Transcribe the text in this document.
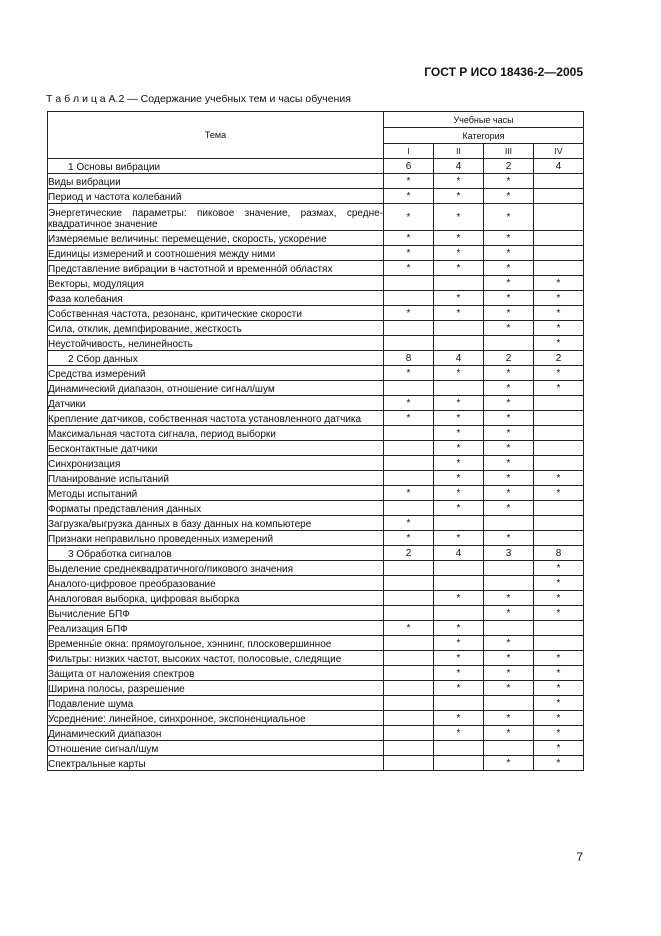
ГОСТ Р ИСО 18436-2—2005
Т а б л и ц а А.2 — Содержание учебных тем и часы обучения
Тема	Учебные часы			
	Категория			
	I	II	III	IV
1 Основы вибрации	6	4	2	4
Виды вибрации	*	*	*	
Период и частота колебаний	*	*	*	
Энергетические параметры: пиковое значение, размах, средне-квадратичное значение	*	*	*	
Измеряемые величины: перемещение, скорость, ускорение	*	*	*	
Единицы измерений и соотношения между ними	*	*	*	
Представление вибрации в частотной и временно́й областях	*	*	*	
Векторы, модуляция			*	*
Фаза колебания		*	*	*
Собственная частота, резонанс, критические скорости	*	*	*	*
Сила, отклик, демпфирование, жесткость			*	*
Неустойчивость, нелинейность				*
2 Сбор данных	8	4	2	2
Средства измерений	*	*	*	*
Динамический диапазон, отношение сигнал/шум			*	*
Датчики	*	*	*	
Крепление датчиков, собственная частота установленного датчика	*	*	*	
Максимальная частота сигнала, период выборки		*	*	
Бесконтактные датчики		*	*	
Синхронизация		*	*	
Планирование испытаний		*	*	*
Методы испытаний	*	*	*	*
Форматы представления данных		*	*	
Загрузка/выгрузка данных в базу данных на компьютере	*			
Признаки неправильно проведенных измерений	*	*	*	
3 Обработка сигналов	2	4	3	8
Выделение среднеквадратичного/пикового значения				*
Аналого-цифровое преобразование				*
Аналоговая выборка, цифровая выборка		*	*	*
Вычисление БПФ			*	*
Реализация БПФ	*	*		
Временны́е окна: прямоугольное, хэннинг, плосковершинное		*	*	
Фильтры: низких частот, высоких частот, полосовые, следящие		*	*	*
Защита от наложения спектров		*	*	*
Ширина полосы, разрешение		*	*	*
Подавление шума				*
Усреднение: линейное, синхронное, экспоненциальное		*	*	*
Динамический диапазон		*	*	*
Отношение сигнал/шум				*
Спектральные карты			*	*
7
